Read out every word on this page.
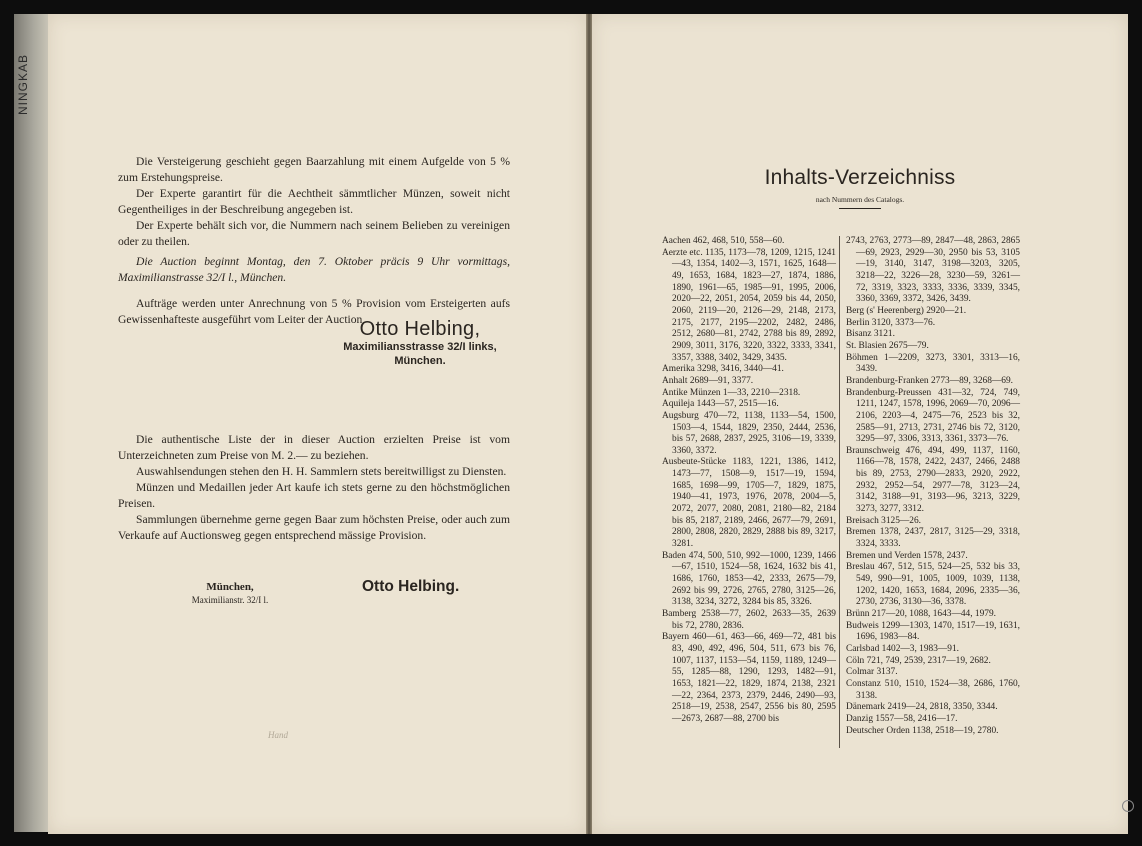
NINGKAB

Die Versteigerung geschieht gegen Baarzahlung mit einem Aufgelde von 5 % zum Erstehungspreise.

Der Experte garantirt für die Aechtheit sämmtlicher Münzen, soweit nicht Gegentheiliges in der Beschreibung angegeben ist.

Der Experte behält sich vor, die Nummern nach seinem Belieben zu vereinigen oder zu theilen.

Die Auction beginnt Montag, den 7. Oktober präcis 9 Uhr vormittags, Maximilianstrasse 32/I l., München.

Aufträge werden unter Anrechnung von 5 % Provision vom Ersteigerten aufs Gewissenhafteste ausgeführt vom Leiter der Auction

Otto Helbing,
Maximiliansstrasse 32/I links,
München.

Die authentische Liste der in dieser Auction erzielten Preise ist vom Unterzeichneten zum Preise von M. 2.— zu beziehen.

Auswahlsendungen stehen den H. H. Sammlern stets bereitwilligst zu Diensten.

Münzen und Medaillen jeder Art kaufe ich stets gerne zu den höchstmöglichen Preisen.

Sammlungen übernehme gerne gegen Baar zum höchsten Preise, oder auch zum Verkaufe auf Auctionsweg gegen entsprechend mässige Provision.

München,
Maximilianstr. 32/I l.
Otto Helbing.
Hand
Inhalts-Verzeichniss
nach Nummern des Catalogs.
Aachen 462, 468, 510, 558—60.
Aerzte etc. 1135, 1173—78, 1209, 1215, 1241—43, 1354, 1402—3, 1571, 1625, 1648—49, 1653, 1684, 1823—27, 1874, 1886, 1890, 1961—65, 1985—91, 1995, 2006, 2020—22, 2051, 2054, 2059 bis 44, 2050, 2060, 2119—20, 2126—29, 2148, 2173, 2175, 2177, 2195—2202, 2482, 2486, 2512, 2680—81, 2742, 2788 bis 89, 2892, 2909, 3011, 3176, 3220, 3322, 3333, 3341, 3357, 3388, 3402, 3429, 3435.
Amerika 3298, 3416, 3440—41.
Anhalt 2689—91, 3377.
Antike Münzen 1—33, 2210—2318.
Aquileja 1443—57, 2515—16.
Augsburg 470—72, 1138, 1133—54, 1500, 1503—4, 1544, 1829, 2350, 2444, 2536, bis 57, 2688, 2837, 2925, 3106—19, 3339, 3360, 3372.
Ausbeute-Stücke 1183, 1221, 1386, 1412, 1473—77, 1508—9, 1517—19, 1594, 1685, 1698—99, 1705—7, 1829, 1875, 1940—41, 1973, 1976, 2078, 2004—5, 2072, 2077, 2080, 2081, 2180—82, 2184 bis 85, 2187, 2189, 2466, 2677—79, 2691, 2800, 2808, 2820, 2829, 2888 bis 89, 3217, 3281.
Baden 474, 500, 510, 992—1000, 1239, 1466—67, 1510, 1524—58, 1624, 1632 bis 41, 1686, 1760, 1853—42, 2333, 2675—79, 2692 bis 99, 2726, 2765, 2780, 3125—26, 3138, 3234, 3272, 3284 bis 85, 3326.
Bamberg 2538—77, 2602, 2633—35, 2639 bis 72, 2780, 2836.
Bayern 460—61, 463—66, 469—72, 481 bis 83, 490, 492, 496, 504, 511, 673 bis 76, 1007, 1137, 1153—54, 1159, 1189, 1249—55, 1285—88, 1290, 1293, 1482—91, 1653, 1821—22, 1829, 1874, 2138, 2321—22, 2364, 2373, 2379, 2446, 2490—93, 2518—19, 2538, 2547, 2556 bis 80, 2595—2673, 2687—88, 2700 bis
2743, 2763, 2773—89, 2847—48, 2863, 2865—69, 2923, 2929—30, 2950 bis 53, 3105—19, 3140, 3147, 3198—3203, 3205, 3218—22, 3226—28, 3230—59, 3261—72, 3319, 3323, 3333, 3336, 3339, 3345, 3360, 3369, 3372, 3426, 3439.
Berg (s' Heerenberg) 2920—21.
Berlin 3120, 3373—76.
Bisanz 3121.
St. Blasien 2675—79.
Böhmen 1—2209, 3273, 3301, 3313—16, 3439.
Brandenburg-Franken 2773—89, 3268—69.
Brandenburg-Preussen 431—32, 724, 749, 1211, 1247, 1578, 1996, 2069—70, 2096—2106, 2203—4, 2475—76, 2523 bis 32, 2585—91, 2713, 2731, 2746 bis 72, 3120, 3295—97, 3306, 3313, 3361, 3373—76.
Braunschweig 476, 494, 499, 1137, 1160, 1166—78, 1578, 2422, 2437, 2466, 2488 bis 89, 2753, 2790—2833, 2920, 2922, 2932, 2952—54, 2977—78, 3123—24, 3142, 3188—91, 3193—96, 3213, 3229, 3273, 3277, 3312.
Breisach 3125—26.
Bremen 1378, 2437, 2817, 3125—29, 3318, 3324, 3333.
Bremen und Verden 1578, 2437.
Breslau 467, 512, 515, 524—25, 532 bis 33, 549, 990—91, 1005, 1009, 1039, 1138, 1202, 1420, 1653, 1684, 2096, 2335—36, 2730, 2736, 3130—36, 3378.
Brünn 217—20, 1088, 1643—44, 1979.
Budweis 1299—1303, 1470, 1517—19, 1631, 1696, 1983—84.
Carlsbad 1402—3, 1983—91.
Cöln 721, 749, 2539, 2317—19, 2682.
Colmar 3137.
Constanz 510, 1510, 1524—38, 2686, 1760, 3138.
Dänemark 2419—24, 2818, 3350, 3344.
Danzig 1557—58, 2416—17.
Deutscher Orden 1138, 2518—19, 2780.
